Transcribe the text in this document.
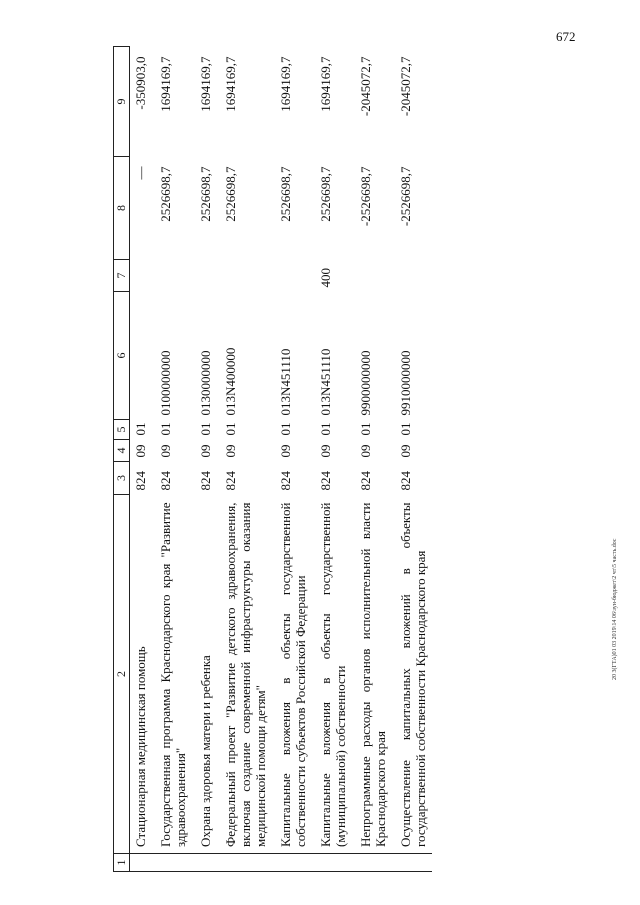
672
20 3(ГТА)01 03 2019\14 06\зун-бюджет\2 чт\5 часть.doc
1	2	3	4	5	6	7	8	9
	Стационарная медицинская помощь	824	09	01			—	-350903,0
	Государственная программа Краснодарского края "Развитие здравоохранения"	824	09	01	0100000000		2526698,7	1694169,7
	Охрана здоровья матери и ребенка	824	09	01	0130000000		2526698,7	1694169,7
	Федеральный проект "Развитие детского здравоохранения, включая создание современной инфраструктуры оказания медицинской помощи детям"	824	09	01	013N400000		2526698,7	1694169,7
	Капитальные вложения в объекты государственной собственности субъектов Российской Федерации	824	09	01	013N451110		2526698,7	1694169,7
	Капитальные вложения в объекты государственной (муниципальной) собственности	824	09	01	013N451110	400	2526698,7	1694169,7
	Непрограммные расходы органов исполнительной власти Краснодарского края	824	09	01	9900000000		-2526698,7	-2045072,7
	Осуществление капитальных вложений в объекты государственной собственности Краснодарского края	824	09	01	9910000000		-2526698,7	-2045072,7
